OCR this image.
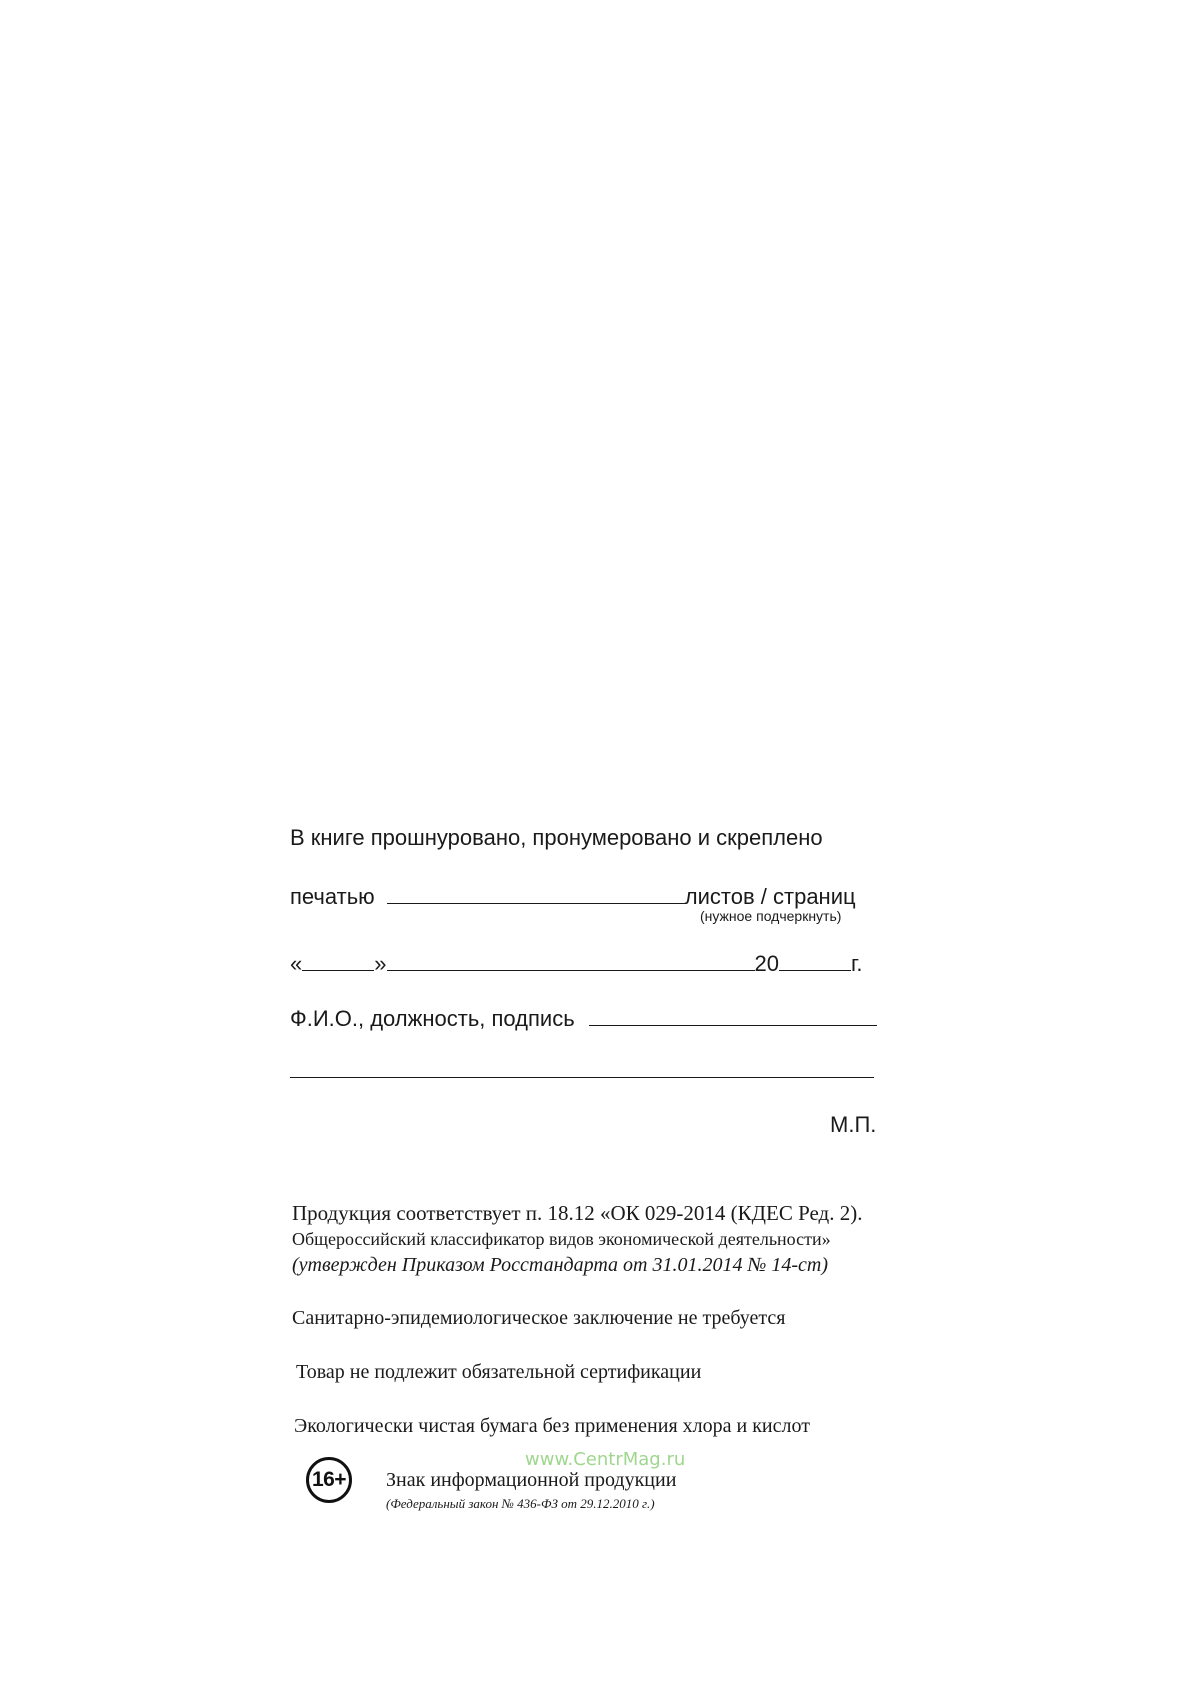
В книге прошнуровано, пронумеровано и скреплено
печатью	листов / страниц
(нужное подчеркнуть)
«	»	20	г.
Ф.И.О., должность, подпись
М.П.
Продукция соответствует п. 18.12 «ОК 029-2014 (КДЕС Ред. 2).
Общероссийский классификатор видов экономической деятельности»
(утвержден Приказом Росстандарта от 31.01.2014 № 14-ст)
Санитарно-эпидемиологическое заключение не требуется
Товар не подлежит обязательной сертификации
Экологически чистая бумага без применения хлора и кислот
16+
www.CentrMag.ru
Знак информационной продукции
(Федеральный закон № 436-ФЗ от 29.12.2010 г.)
